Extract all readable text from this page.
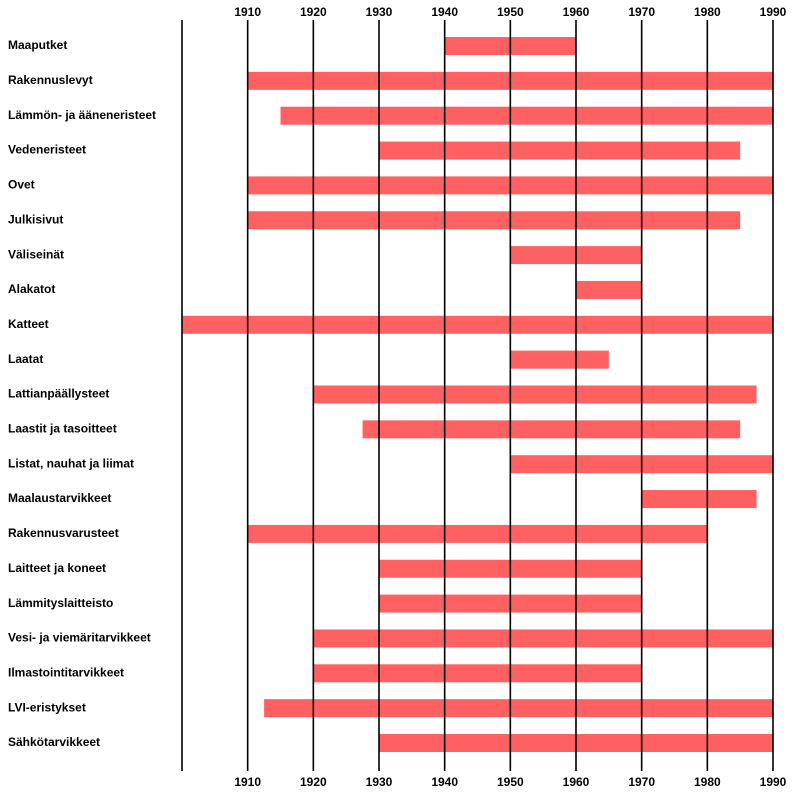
1910	1920	1930	1940	1950	1960	1970	1980	1990
1910	1920	1930	1940	1950	1960	1970	1980	1990
Maaputket
Rakennuslevyt
Lämmön- ja ääneneristeet
Vedeneristeet
Ovet
Julkisivut
Väliseinät
Alakatot
Katteet
Laatat
Lattianpäällysteet
Laastit ja tasoitteet
Listat, nauhat ja liimat
Maalaustarvikkeet
Rakennusvarusteet
Laitteet ja koneet
Lämmityslaitteisto
Vesi- ja viemäritarvikkeet
Ilmastointitarvikkeet
LVI-eristykset
Sähkötarvikkeet
